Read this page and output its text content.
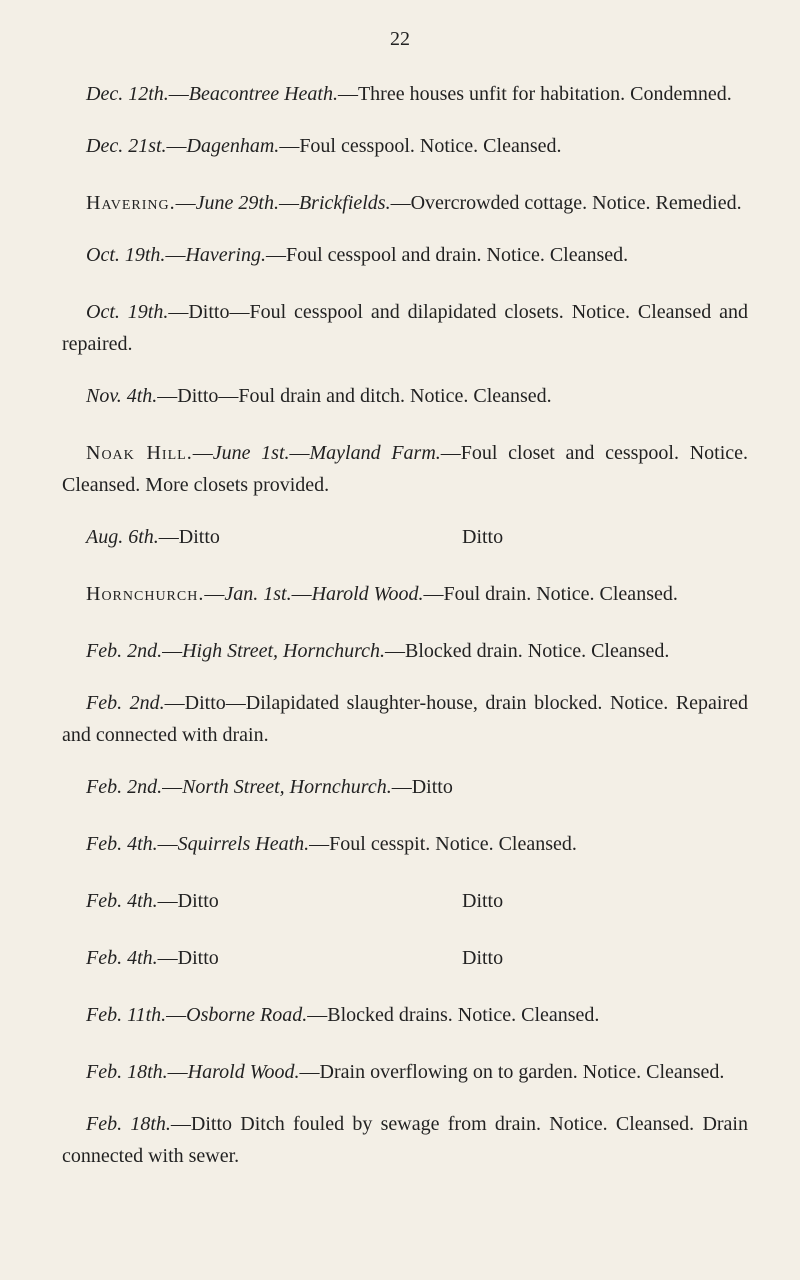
22

Dec. 12th.—Beacontree Heath.—Three houses unfit for habitation. Condemned.

Dec. 21st.—Dagenham.—Foul cesspool. Notice. Cleansed.

Havering.—June 29th.—Brickfields.—Overcrowded cottage. Notice. Remedied.

Oct. 19th.—Havering.—Foul cesspool and drain. Notice. Cleansed.

Oct. 19th.—Ditto—Foul cesspool and dilapidated closets. Notice. Cleansed and repaired.

Nov. 4th.—Ditto—Foul drain and ditch. Notice. Cleansed.

Noak Hill.—June 1st.—Mayland Farm.—Foul closet and cesspool. Notice. Cleansed. More closets provided.

Aug. 6th.—Ditto	Ditto

Hornchurch.—Jan. 1st.—Harold Wood.—Foul drain. Notice. Cleansed.

Feb. 2nd.—High Street, Hornchurch.—Blocked drain. Notice. Cleansed.

Feb. 2nd.—Ditto—Dilapidated slaughter-house, drain blocked. Notice. Repaired and connected with drain.

Feb. 2nd.—North Street, Hornchurch.—Ditto

Feb. 4th.—Squirrels Heath.—Foul cesspit. Notice. Cleansed.

Feb. 4th.—Ditto	Ditto

Feb. 4th.—Ditto	Ditto

Feb. 11th.—Osborne Road.—Blocked drains. Notice. Cleansed.

Feb. 18th.—Harold Wood.—Drain overflowing on to garden. Notice. Cleansed.

Feb. 18th.—Ditto Ditch fouled by sewage from drain. Notice. Cleansed. Drain connected with sewer.
